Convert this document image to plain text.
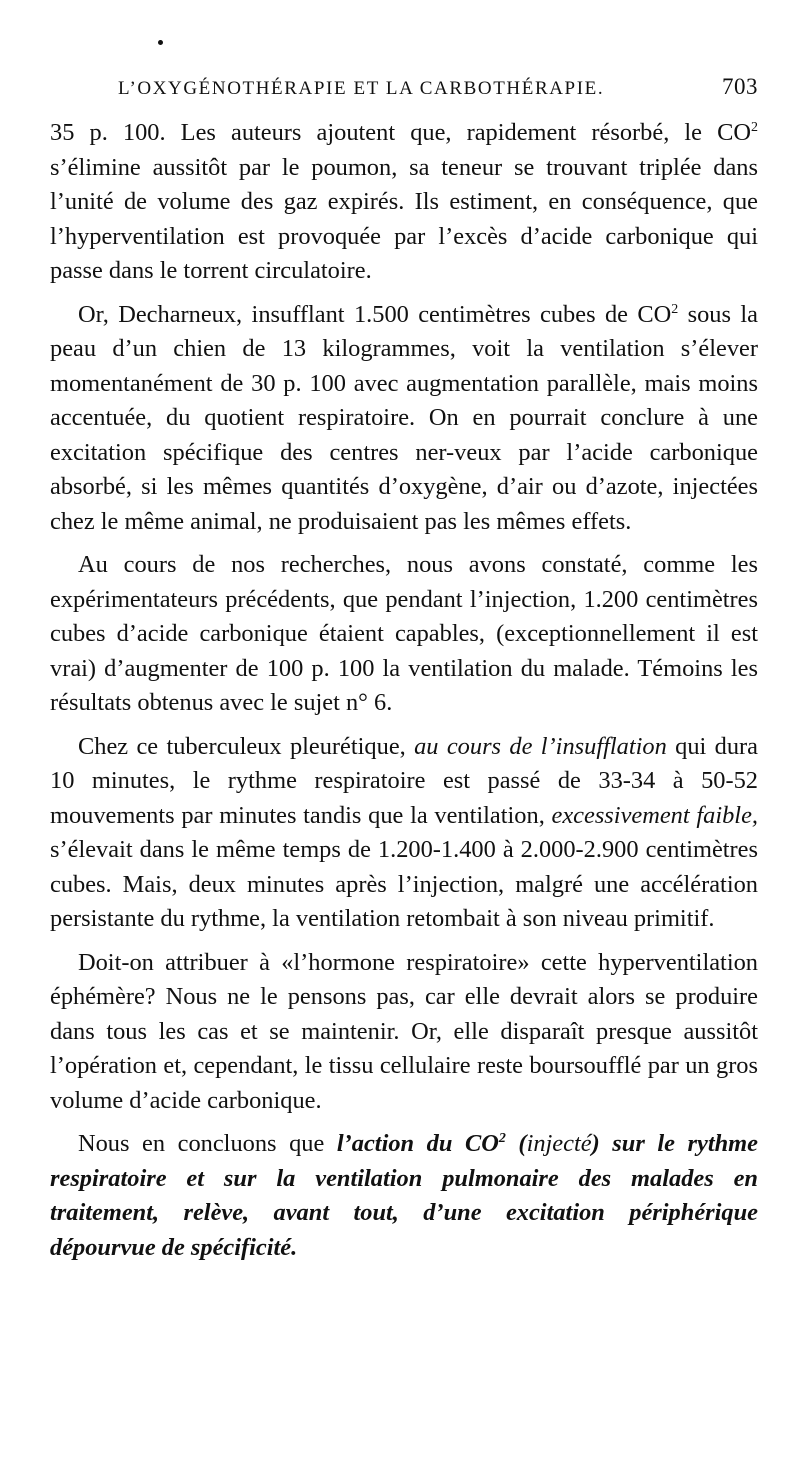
L’OXYGÉNOTHÉRAPIE ET LA CARBOTHÉRAPIE.	703

35 p. 100. Les auteurs ajoutent que, rapidement résorbé, le $CO^2$ s’élimine aussitôt par le poumon, sa teneur se trouvant triplée dans l’unité de volume des gaz expirés. Ils estiment, en conséquence, que l’hyperventilation est provoquée par l’excès d’acide carbonique qui passe dans le torrent circulatoire.

Or, Decharneux, insufflant 1.500 centimètres cubes de $CO^2$ sous la peau d’un chien de 13 kilogrammes, voit la ventilation s’élever momentanément de 30 p. 100 avec augmentation parallèle, mais moins accentuée, du quotient respiratoire. On en pourrait conclure à une excitation spécifique des centres ner-veux par l’acide carbonique absorbé, si les mêmes quantités d’oxygène, d’air ou d’azote, injectées chez le même animal, ne produisaient pas les mêmes effets.

Au cours de nos recherches, nous avons constaté, comme les expérimentateurs précédents, que pendant l’injection, 1.200 centimètres cubes d’acide carbonique étaient capables, (exceptionnellement il est vrai) d’augmenter de 100 p. 100 la ventilation du malade. Témoins les résultats obtenus avec le sujet n° 6.

Chez ce tuberculeux pleurétique, au cours de l’insufflation qui dura 10 minutes, le rythme respiratoire est passé de 33-34 à 50-52 mouvements par minutes tandis que la ventilation, excessivement faible, s’élevait dans le même temps de 1.200-1.400 à 2.000-2.900 centimètres cubes. Mais, deux minutes après l’injection, malgré une accélération persistante du rythme, la ventilation retombait à son niveau primitif.

Doit-on attribuer à «l’hormone respiratoire» cette hyperventilation éphémère? Nous ne le pensons pas, car elle devrait alors se produire dans tous les cas et se maintenir. Or, elle disparaît presque aussitôt l’opération et, cependant, le tissu cellulaire reste boursoufflé par un gros volume d’acide carbonique.

Nous en concluons que l’action du $CO^2$ (injecté) sur le rythme respiratoire et sur la ventilation pulmonaire des malades en traitement, relève, avant tout, d’une excitation périphérique dépourvue de spécificité.
